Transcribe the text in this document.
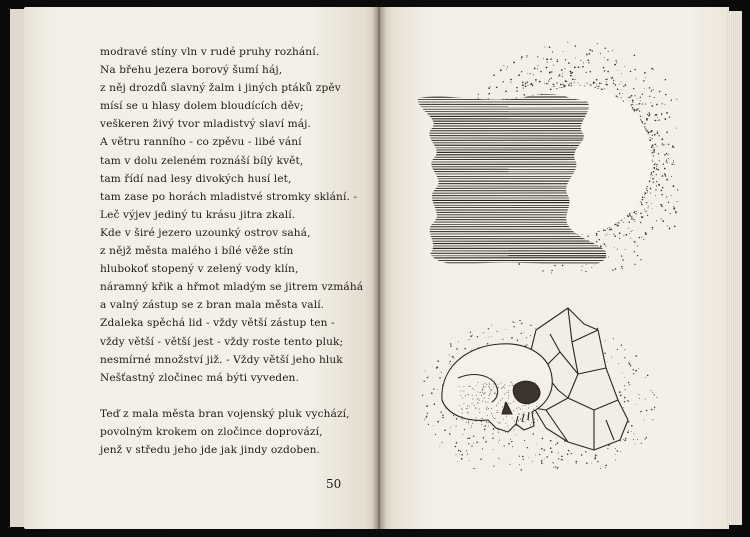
modravé stíny vln v rudé pruhy rozhání.
Na břehu jezera borový šumí háj,
z něj drozdů slavný žalm i jiných ptáků zpěv
mísí se u hlasy dolem bloudících děv;
veškeren živý tvor mladistvý slaví máj.
A větru ranního - co zpěvu - libé vání
tam v dolu zeleném roznáší bílý květ,
tam řídí nad lesy divokých husí let,
tam zase po horách mladistvé stromky sklání. -
Leč výjev jediný tu krásu jitra zkalí.
Kde v širé jezero uzounký ostrov sahá,
z nějž města malého i bílé věže stín
hlubokoť stopený v zelený vody klín,
náramný křik a hřmot mladým se jitrem vzmáhá
a valný zástup se z bran mala města valí.
Zdaleka spěchá lid - vždy větší zástup ten -
vždy větší - větší jest - vždy roste tento pluk;
nesmírné množství již. - Vždy větší jeho hluk
Nešťastný zločinec má býti vyveden.
Teď z mala města bran vojenský pluk vychází,
povolným krokem on zločince doprovází,
jenž v středu jeho jde jak jindy ozdoben.
50
